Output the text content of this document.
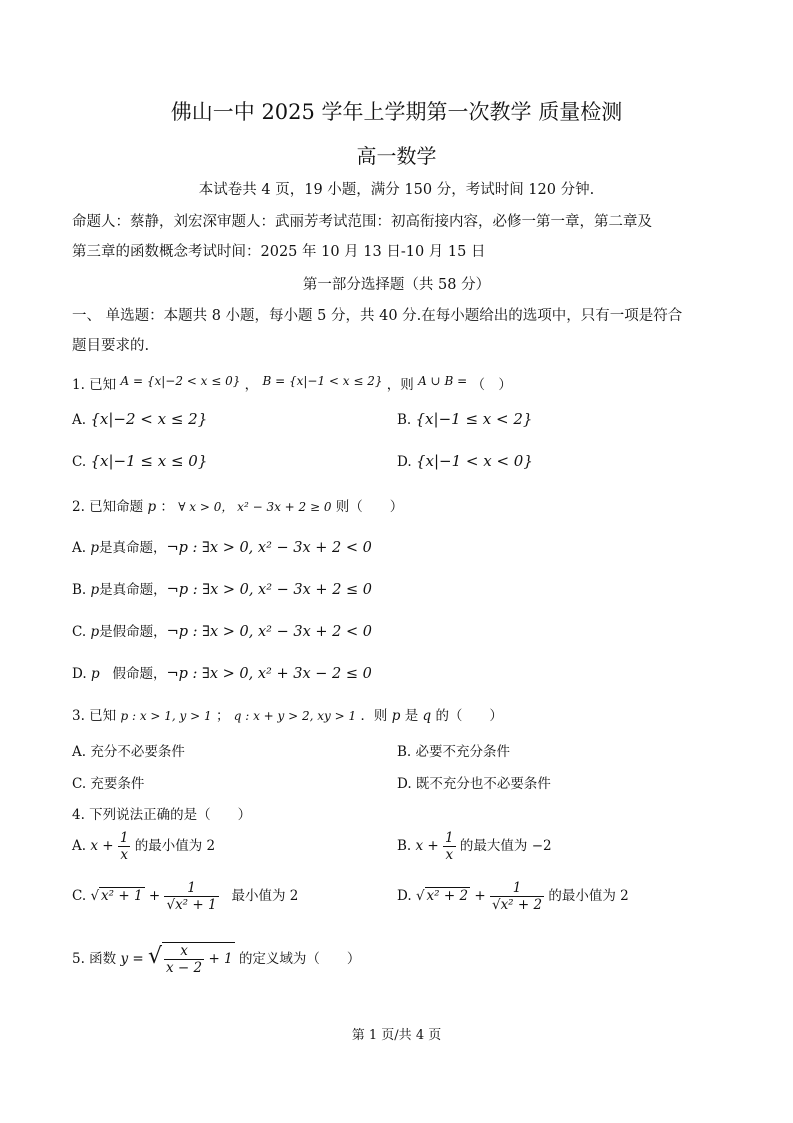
佛山一中 2025 学年上学期第一次教学 质量检测
高一数学
本试卷共 4 页，19 小题，满分 150 分，考试时间 120 分钟.
命题人：蔡静，刘宏深审题人：武丽芳考试范围：初高衔接内容，必修一第一章，第二章及
第三章的函数概念考试时间：2025 年 10 月 13 日-10 月 15 日
第一部分选择题（共 58 分）
一、 单选题：本题共 8 小题，每小题 5 分，共 40 分.在每小题给出的选项中，只有一项是符合
题目要求的.
1. 已知 A = {x|−2 < x ≤ 0} ， B = {x|−1 < x ≤ 2} ，则 A ∪ B = （　）
A. {x|−2 < x ≤ 2}	B. {x|−1 ≤ x < 2}
C. {x|−1 ≤ x ≤ 0}	D. {x|−1 < x < 0}
2. 已知命题 p ： ∀ x > 0， x² − 3x + 2 ≥ 0 则（　　）
A. p是真命题，¬p : ∃x > 0, x² − 3x + 2 < 0
B. p是真命题，¬p : ∃x > 0, x² − 3x + 2 ≤ 0
C. p是假命题，¬p : ∃x > 0, x² − 3x + 2 < 0
D. p 假命题，¬p : ∃x > 0, x² + 3x − 2 ≤ 0
3. 已知 p : x > 1, y > 1 ； q : x + y > 2, xy > 1 ．则 p 是 q 的（　　）
A. 充分不必要条件	B. 必要不充分条件
C. 充要条件	D. 既不充分也不必要条件
4. 下列说法正确的是（　　）
A. $x + \frac{1}{x}$ 的最小值为 2	B. $x + \frac{1}{x}$ 的最大值为 −2
C. √ $x^2 + 1 + \frac{1}{\text{√x² + 1}}$ 最小值为 2	D. √ $x^2 + 2 + \frac{1}{\text{√x² + 2}}$ 的最小值为 2
5. 函数 y = √ $\frac{x}{x - 2} + 1$ 的定义域为（　　）
第 1 页/共 4 页
